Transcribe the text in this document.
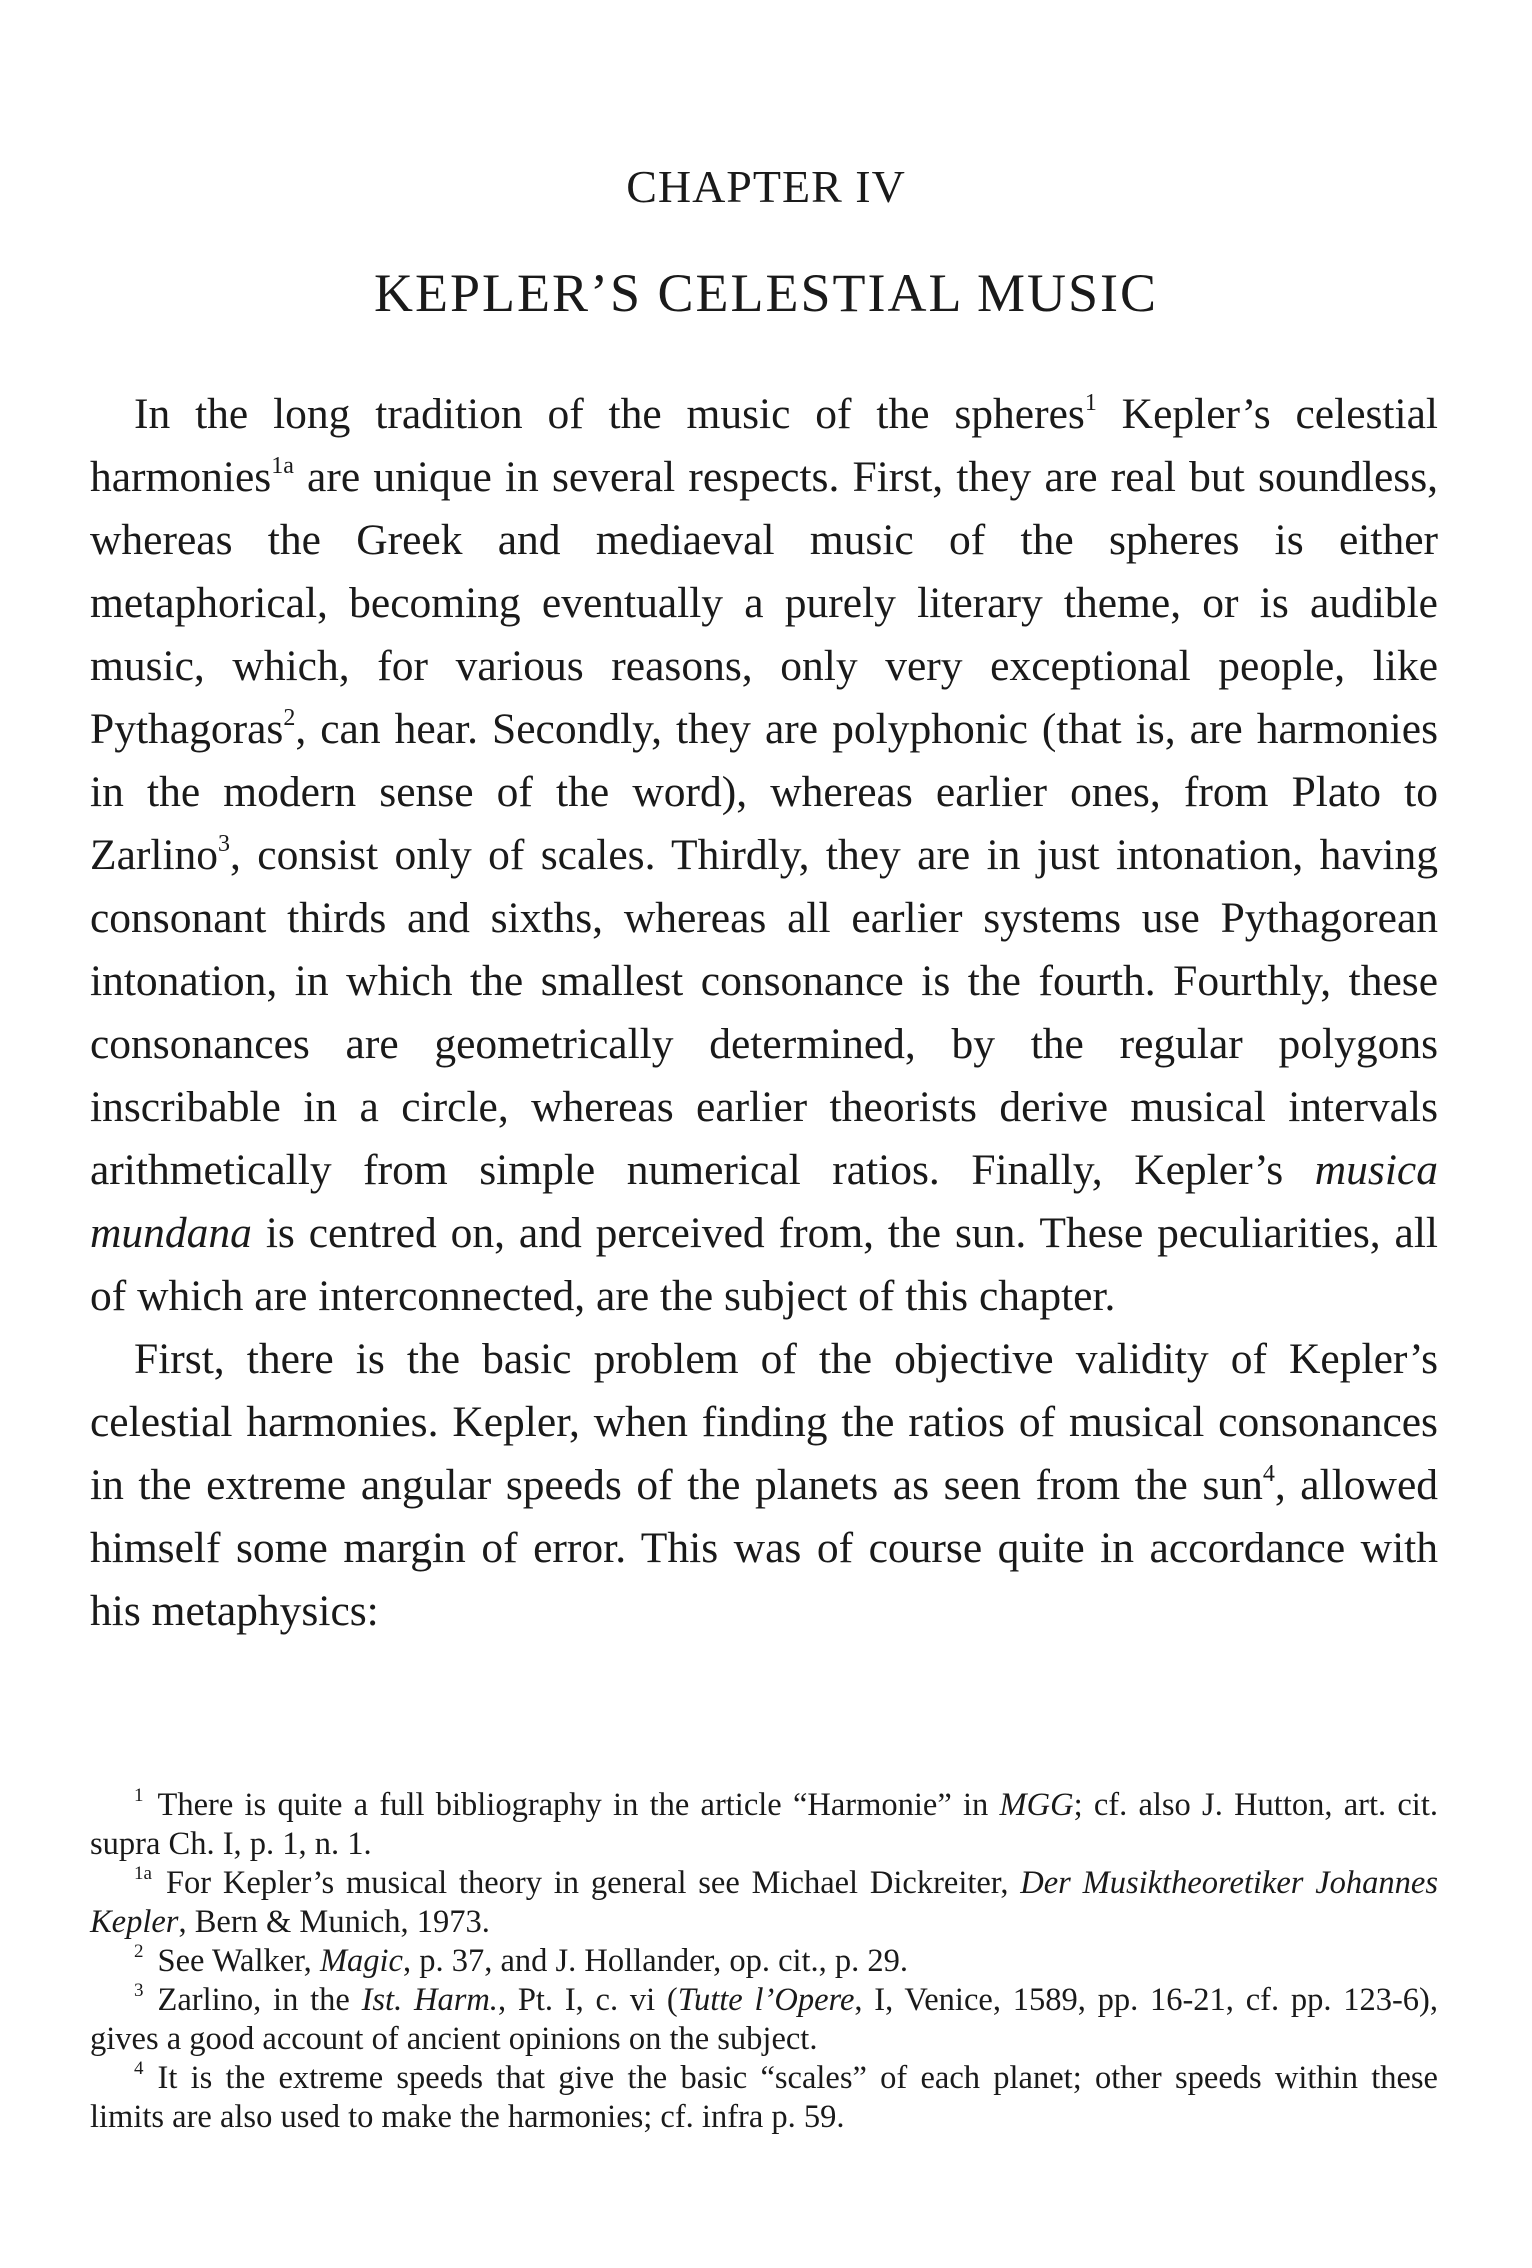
CHAPTER IV
KEPLER’S CELESTIAL MUSIC

In the long tradition of the music of the spheres$^1$ Kepler’s celestial harmonies$^{1a}$ are unique in several respects. First, they are real but soundless, whereas the Greek and mediaeval music of the spheres is either metaphorical, becoming eventually a purely literary theme, or is audible music, which, for various reasons, only very exceptional people, like Pythagoras$^2$, can hear. Secondly, they are polyphonic (that is, are harmonies in the modern sense of the word), whereas earlier ones, from Plato to Zarlino$^3$, consist only of scales. Thirdly, they are in just intonation, having consonant thirds and sixths, whereas all earlier systems use Pythagorean intonation, in which the smallest consonance is the fourth. Fourthly, these consonances are geometrically determined, by the regular polygons inscribable in a circle, whereas earlier theorists derive musical intervals arithmetically from simple numerical ratios. Finally, Kepler’s musica mundana is centred on, and perceived from, the sun. These peculiarities, all of which are interconnected, are the subject of this chapter.

First, there is the basic problem of the objective validity of Kepler’s celestial harmonies. Kepler, when finding the ratios of musical consonances in the extreme angular speeds of the planets as seen from the sun$^4$, allowed himself some margin of error. This was of course quite in accordance with his metaphysics:

$^1$ There is quite a full bibliography in the article “Harmonie” in MGG; cf. also J. Hutton, art. cit. supra Ch. I, p. 1, n. 1.

$^{1a}$ For Kepler’s musical theory in general see Michael Dickreiter, Der Musiktheoretiker Johannes Kepler, Bern & Munich, 1973.

$^2$ See Walker, Magic, p. 37, and J. Hollander, op. cit., p. 29.

$^3$ Zarlino, in the Ist. Harm., Pt. I, c. vi (Tutte l’Opere, I, Venice, 1589, pp. 16-21, cf. pp. 123-6), gives a good account of ancient opinions on the subject.

$^4$ It is the extreme speeds that give the basic “scales” of each planet; other speeds within these limits are also used to make the harmonies; cf. infra p. 59.
